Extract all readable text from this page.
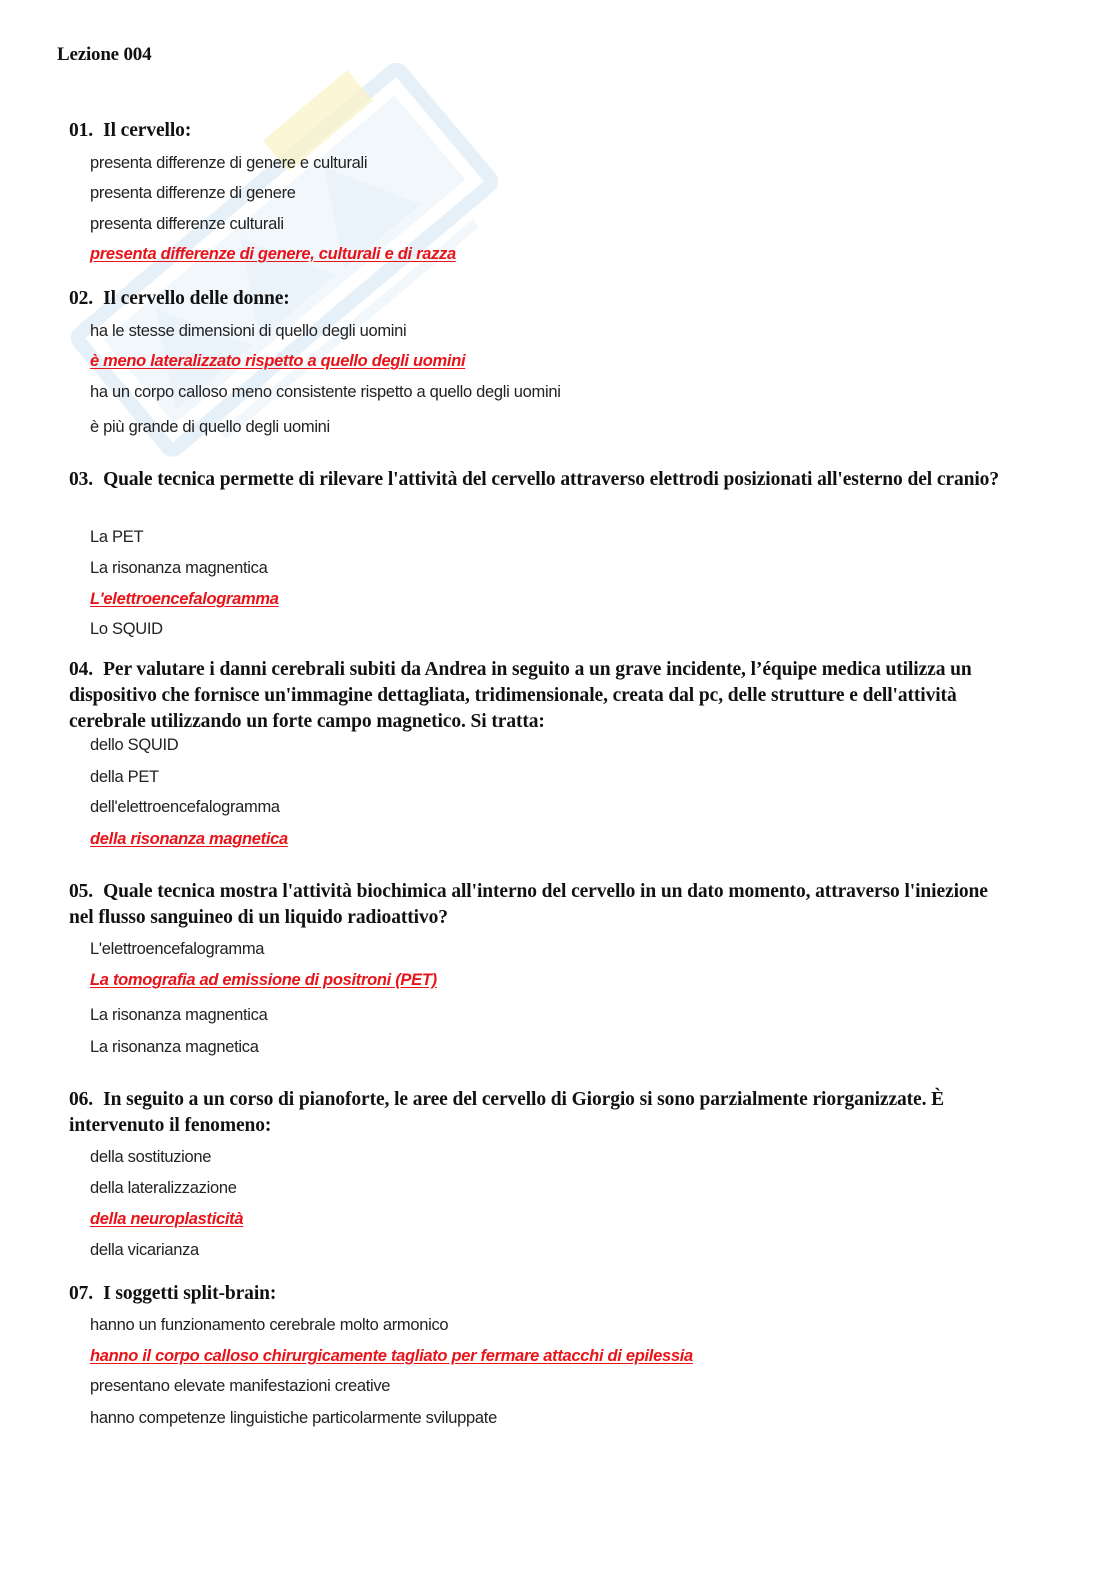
Lezione 004
01. Il cervello:
presenta differenze di genere e culturali
presenta differenze di genere
presenta differenze culturali
presenta differenze di genere, culturali e di razza
02. Il cervello delle donne:
ha le stesse dimensioni di quello degli uomini
è meno lateralizzato rispetto a quello degli uomini
ha un corpo calloso meno consistente rispetto a quello degli uomini
è più grande di quello degli uomini
03. Quale tecnica permette di rilevare l'attività del cervello attraverso elettrodi posizionati all'esterno del cranio?
La PET
La risonanza magnentica
L'elettroencefalogramma
Lo SQUID
04. Per valutare i danni cerebrali subiti da Andrea in seguito a un grave incidente, l’équipe medica utilizza un dispositivo che fornisce un'immagine dettagliata, tridimensionale, creata dal pc, delle strutture e dell'attività cerebrale utilizzando un forte campo magnetico. Si tratta:
dello SQUID
della PET
dell'elettroencefalogramma
della risonanza magnetica
05. Quale tecnica mostra l'attività biochimica all'interno del cervello in un dato momento, attraverso l'iniezione nel flusso sanguineo di un liquido radioattivo?
L'elettroencefalogramma
La tomografia ad emissione di positroni (PET)
La risonanza magnentica
La risonanza magnetica
06. In seguito a un corso di pianoforte, le aree del cervello di Giorgio si sono parzialmente riorganizzate. È intervenuto il fenomeno:
della sostituzione
della lateralizzazione
della neuroplasticità
della vicarianza
07. I soggetti split-brain:
hanno un funzionamento cerebrale molto armonico
hanno il corpo calloso chirurgicamente tagliato per fermare attacchi di epilessia
presentano elevate manifestazioni creative
hanno competenze linguistiche particolarmente sviluppate
